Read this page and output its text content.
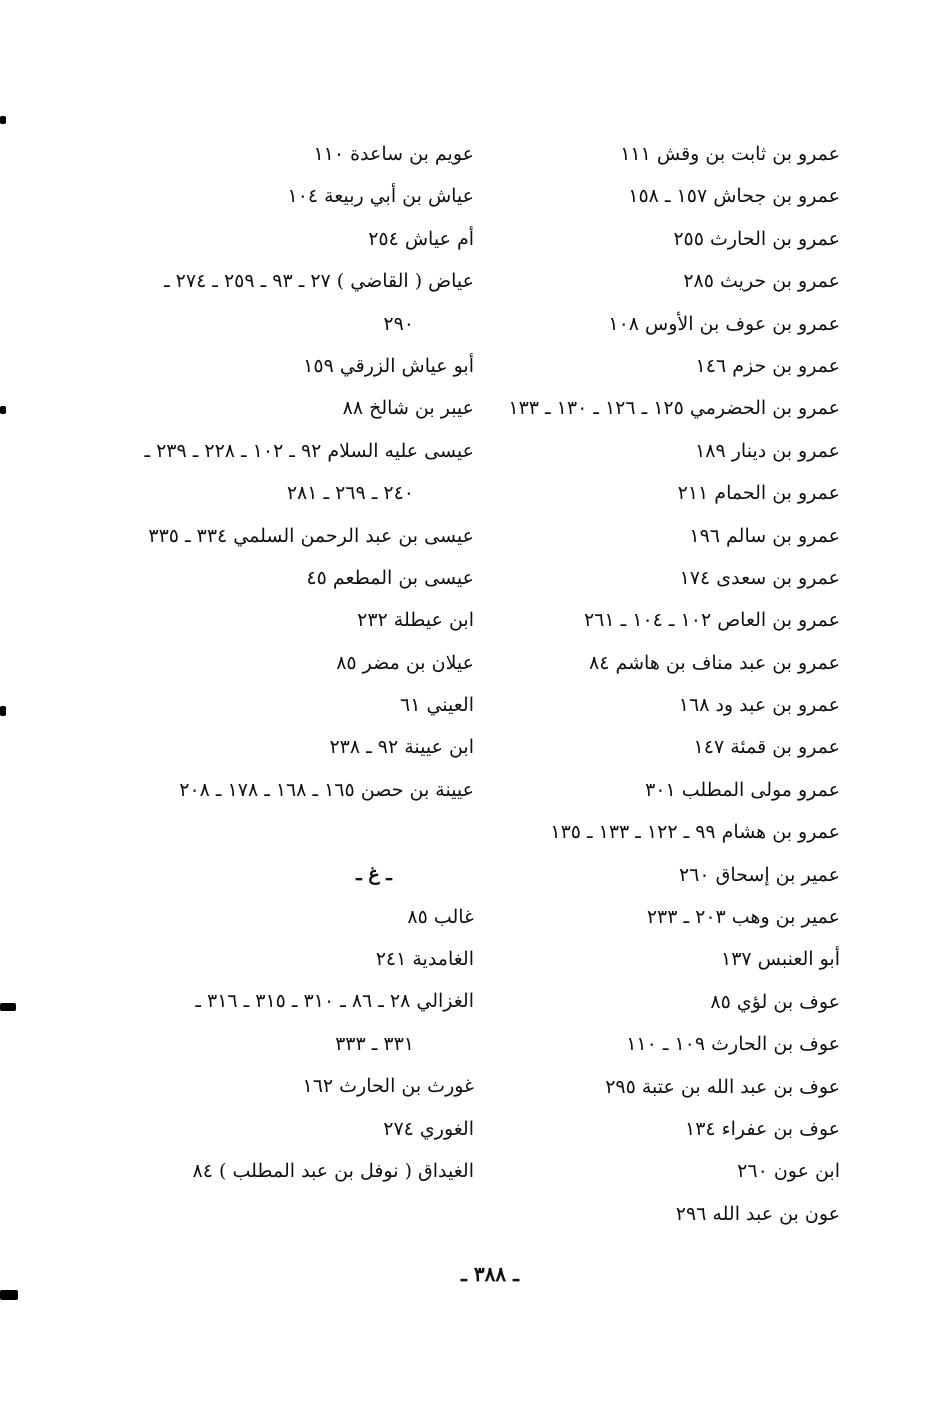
عمرو بن ثابت بن وقش ١١١
عمرو بن جحاش ١٥٧ ـ ١٥٨
عمرو بن الحارث ٢٥٥
عمرو بن حريث ٢٨٥
عمرو بن عوف بن الأوس ١٠٨
عمرو بن حزم ١٤٦
عمرو بن الحضرمي ١٢٥ ـ ١٢٦ ـ ١٣٠ ـ ١٣٣
عمرو بن دينار ١٨٩
عمرو بن الحمام ٢١١
عمرو بن سالم ١٩٦
عمرو بن سعدى ١٧٤
عمرو بن العاص ١٠٢ ـ ١٠٤ ـ ٢٦١
عمرو بن عبد مناف بن هاشم ٨٤
عمرو بن عبد ود ١٦٨
عمرو بن قمئة ١٤٧
عمرو مولى المطلب ٣٠١
عمرو بن هشام ٩٩ ـ ١٢٢ ـ ١٣٣ ـ ١٣٥
عمير بن إسحاق ٢٦٠
عمير بن وهب ٢٠٣ ـ ٢٣٣
أبو العنبس ١٣٧
عوف بن لؤي ٨٥
عوف بن الحارث ١٠٩ ـ ١١٠
عوف بن عبد الله بن عتبة ٢٩٥
عوف بن عفراء ١٣٤
ابن عون ٢٦٠
عون بن عبد الله ٢٩٦
عويم بن ساعدة ١١٠
عياش بن أبي ربيعة ١٠٤
أم عياش ٢٥٤
عياض ( القاضي ) ٢٧ ـ ٩٣ ـ ٢٥٩ ـ ٢٧٤ ـ
٢٩٠
أبو عياش الزرقي ١٥٩
عيبر بن شالخ ٨٨
عيسى عليه السلام ٩٢ ـ ١٠٢ ـ ٢٢٨ ـ ٢٣٩ ـ
٢٤٠ ـ ٢٦٩ ـ ٢٨١
عيسى بن عبد الرحمن السلمي ٣٣٤ ـ ٣٣٥
عيسى بن المطعم ٤٥
ابن عيطلة ٢٣٢
عيلان بن مضر ٨٥
العيني ٦١
ابن عيينة ٩٢ ـ ٢٣٨
عيينة بن حصن ١٦٥ ـ ١٦٨ ـ ١٧٨ ـ ٢٠٨
ـ غ ـ
غالب ٨٥
الغامدية ٢٤١
الغزالي ٢٨ ـ ٨٦ ـ ٣١٠ ـ ٣١٥ ـ ٣١٦ ـ
٣٣١ ـ ٣٣٣
غورث بن الحارث ١٦٢
الغوري ٢٧٤
الغيداق ( نوفل بن عبد المطلب ) ٨٤
ـ ٣٨٨ ـ
